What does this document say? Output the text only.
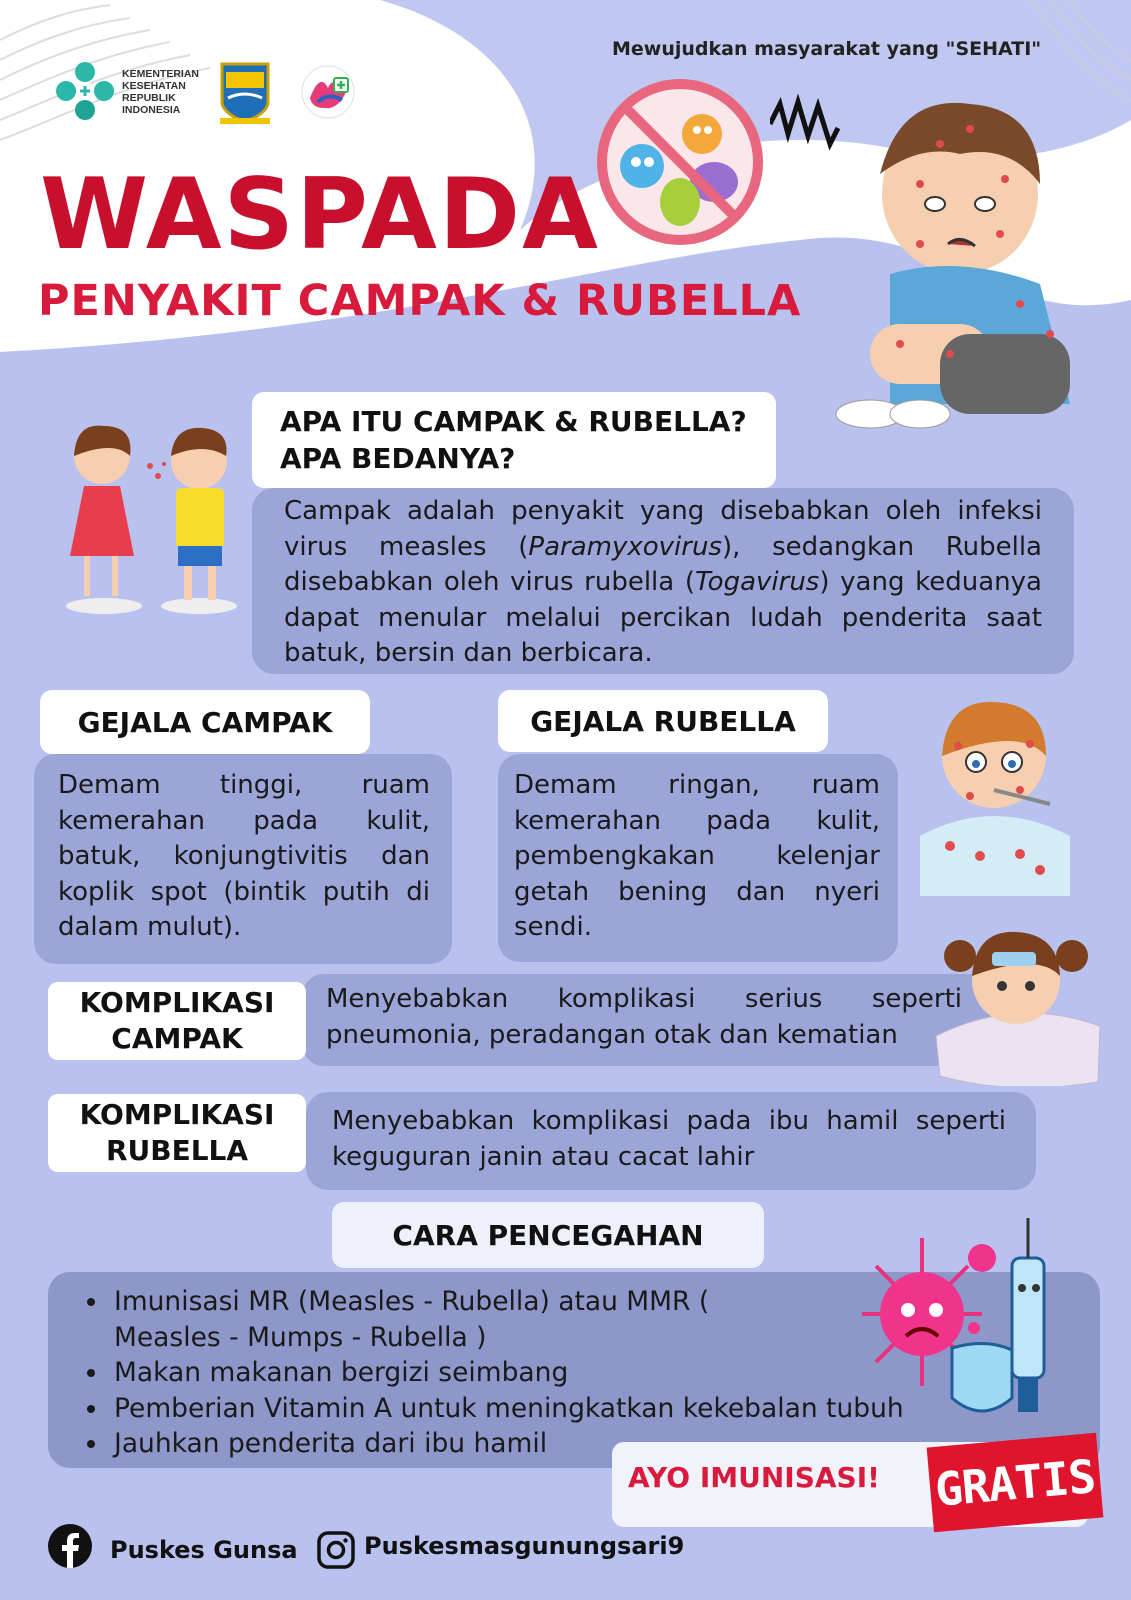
KEMENTERIAN
KESEHATAN
REPUBLIK
INDONESIA
Mewujudkan masyarakat yang "SEHATI"
WASPADA
PENYAKIT CAMPAK & RUBELLA
Campak adalah penyakit yang disebabkan oleh infeksi virus measles (Paramyxovirus), sedangkan Rubella disebabkan oleh virus rubella (Togavirus) yang keduanya dapat menular melalui percikan ludah penderita saat batuk, bersin dan berbicara.
APA ITU CAMPAK & RUBELLA?
APA BEDANYA?
GEJALA CAMPAK
Demam tinggi, ruam kemerahan pada kulit, batuk, konjungtivitis dan koplik spot (bintik putih di dalam mulut).
GEJALA RUBELLA
Demam ringan, ruam kemerahan pada kulit, pembengkakan kelenjar getah bening dan nyeri sendi.
Menyebabkan komplikasi serius seperti pneumonia, peradangan otak dan kematian
KOMPLIKASI
CAMPAK
Menyebabkan komplikasi pada ibu hamil seperti keguguran janin atau cacat lahir
KOMPLIKASI
RUBELLA
• Imunisasi MR (Measles - Rubella) atau MMR ( Measles - Mumps - Rubella )
• Makan makanan bergizi seimbang
• Pemberian Vitamin A untuk meningkatkan kekebalan tubuh
• Jauhkan penderita dari ibu hamil
CARA PENCEGAHAN
AYO IMUNISASI! GRATIS
Puskes Gunsa	Puskesmasgunungsari9
